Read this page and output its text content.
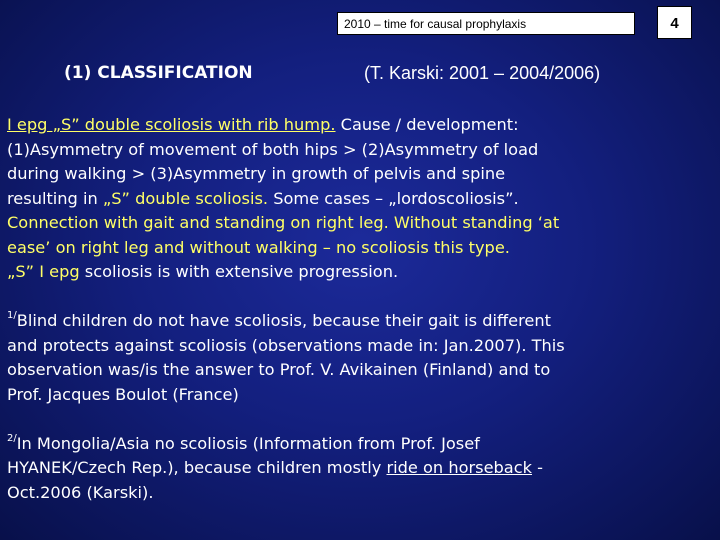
2010 – time for causal prophylaxis	4
(1) CLASSIFICATION	(T. Karski: 2001 – 2004/2006)

I epg „S” double scoliosis with rib hump. Cause / development:

(1)Asymmetry of movement of both hips > (2)Asymmetry of load

during walking > (3)Asymmetry in growth of pelvis and spine

resulting in „S” double scoliosis. Some cases – „lordoscoliosis”.

Connection with gait and standing on right leg. Without standing ‘at

ease’ on right leg and without walking – no scoliosis this type.

„S” I epg scoliosis is with extensive progression.

$^{1/}$Blind children do not have scoliosis, because their gait is different

and protects against scoliosis (observations made in: Jan.2007). This

observation was/is the answer to Prof. V. Avikainen (Finland) and to

Prof. Jacques Boulot (France)

$^{2/}$In Mongolia/Asia no scoliosis (Information from Prof. Josef

HYANEK/Czech Rep.), because children mostly ride on horseback -

Oct.2006 (Karski).
